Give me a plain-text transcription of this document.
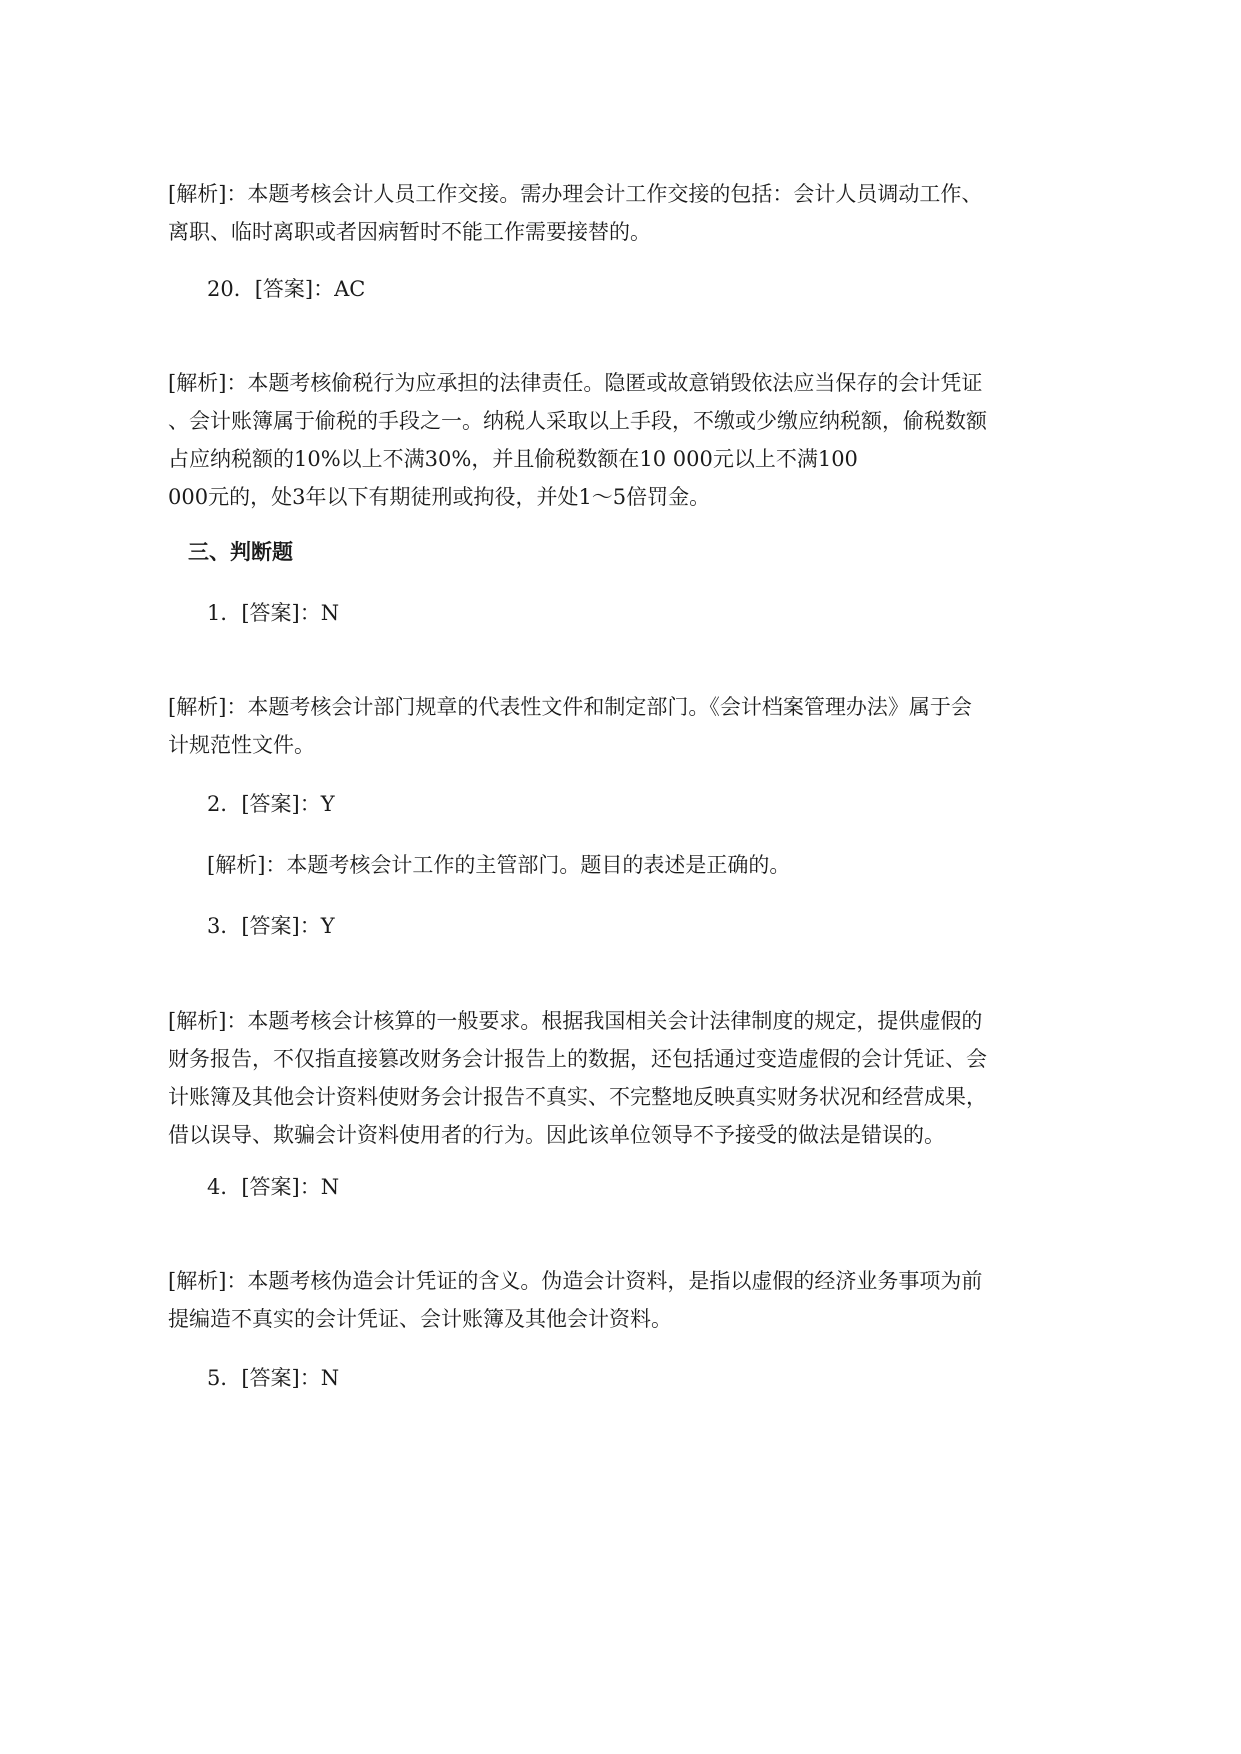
[解析]：本题考核会计人员工作交接。需办理会计工作交接的包括：会计人员调动工作、
离职、临时离职或者因病暂时不能工作需要接替的。
20．[答案]：AC
[解析]：本题考核偷税行为应承担的法律责任。隐匿或故意销毁依法应当保存的会计凭证
、会计账簿属于偷税的手段之一。纳税人采取以上手段，不缴或少缴应纳税额，偷税数额
占应纳税额的10%以上不满30%，并且偷税数额在10 000元以上不满100
000元的，处3年以下有期徒刑或拘役，并处1～5倍罚金。
三、判断题
1．[答案]：N
[解析]：本题考核会计部门规章的代表性文件和制定部门。《会计档案管理办法》属于会
计规范性文件。
2．[答案]：Y
[解析]：本题考核会计工作的主管部门。题目的表述是正确的。
3．[答案]：Y
[解析]：本题考核会计核算的一般要求。根据我国相关会计法律制度的规定，提供虚假的
财务报告，不仅指直接篡改财务会计报告上的数据，还包括通过变造虚假的会计凭证、会
计账簿及其他会计资料使财务会计报告不真实、不完整地反映真实财务状况和经营成果，
借以误导、欺骗会计资料使用者的行为。因此该单位领导不予接受的做法是错误的。
4．[答案]：N
[解析]：本题考核伪造会计凭证的含义。伪造会计资料，是指以虚假的经济业务事项为前
提编造不真实的会计凭证、会计账簿及其他会计资料。
5．[答案]：N
